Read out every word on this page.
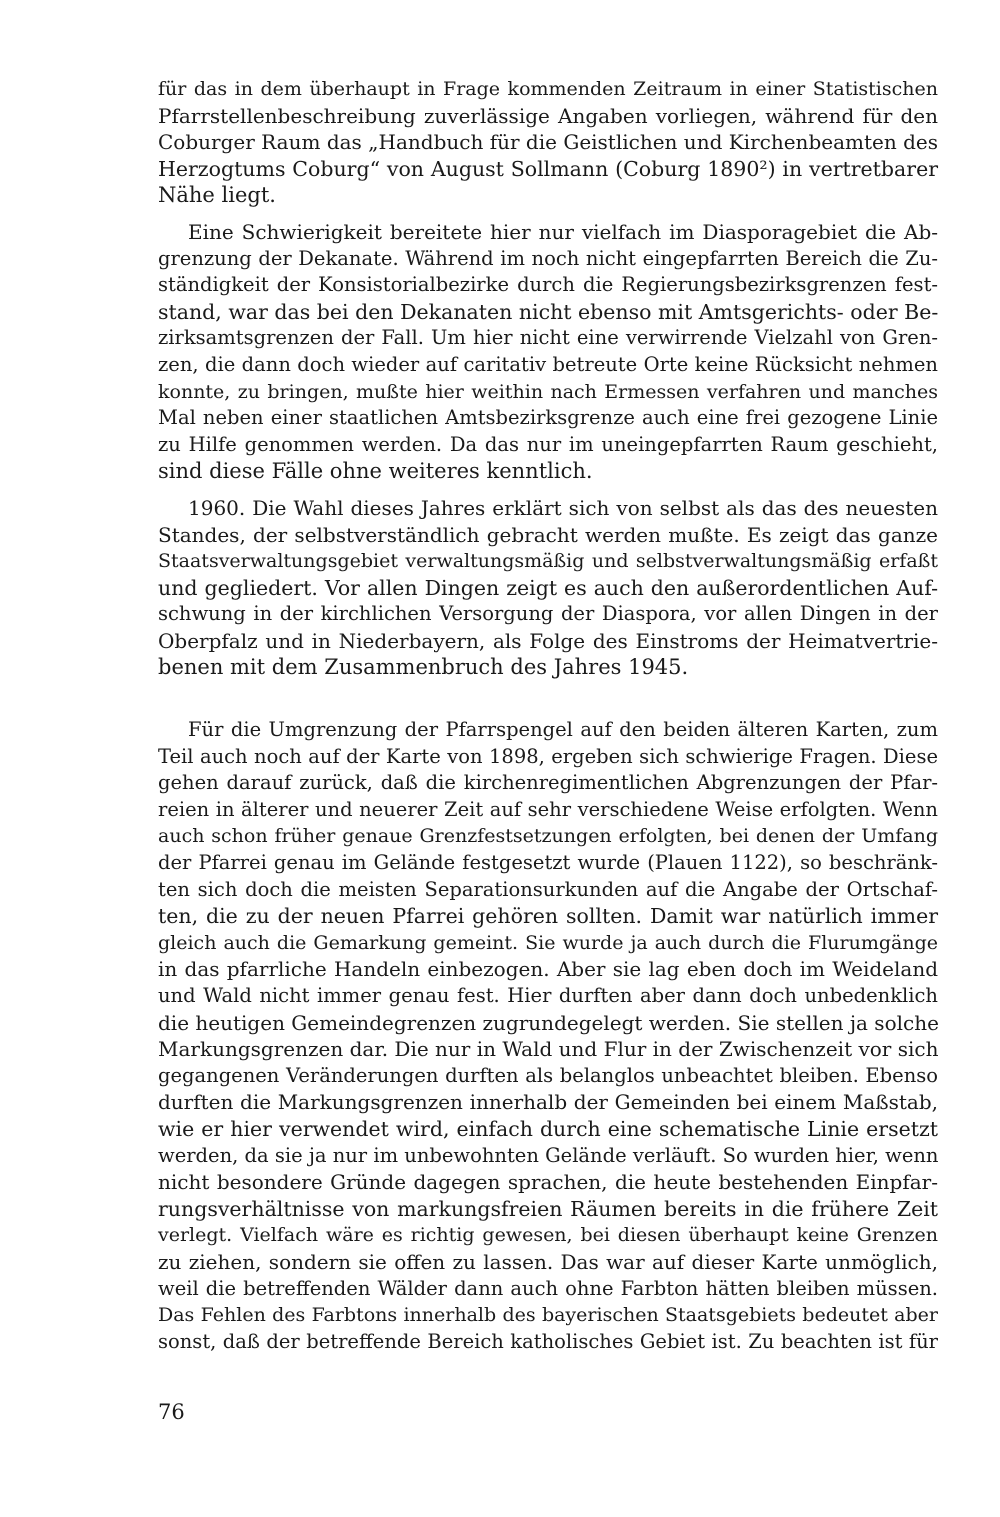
für das in dem überhaupt in Frage kommenden Zeitraum in einer Statistischen
Pfarrstellenbeschreibung zuverlässige Angaben vorliegen, während für den
Coburger Raum das „Handbuch für die Geistlichen und Kirchenbeamten des
Herzogtums Coburg“ von August Sollmann (Coburg 1890²) in vertretbarer
Nähe liegt.
Eine Schwierigkeit bereitete hier nur vielfach im Diasporagebiet die Ab-
grenzung der Dekanate. Während im noch nicht eingepfarrten Bereich die Zu-
ständigkeit der Konsistorialbezirke durch die Regierungsbezirksgrenzen fest-
stand, war das bei den Dekanaten nicht ebenso mit Amtsgerichts- oder Be-
zirksamtsgrenzen der Fall. Um hier nicht eine verwirrende Vielzahl von Gren-
zen, die dann doch wieder auf caritativ betreute Orte keine Rücksicht nehmen
konnte, zu bringen, mußte hier weithin nach Ermessen verfahren und manches
Mal neben einer staatlichen Amtsbezirksgrenze auch eine frei gezogene Linie
zu Hilfe genommen werden. Da das nur im uneingepfarrten Raum geschieht,
sind diese Fälle ohne weiteres kenntlich.
1960. Die Wahl dieses Jahres erklärt sich von selbst als das des neuesten
Standes, der selbstverständlich gebracht werden mußte. Es zeigt das ganze
Staatsverwaltungsgebiet verwaltungsmäßig und selbstverwaltungsmäßig erfaßt
und gegliedert. Vor allen Dingen zeigt es auch den außerordentlichen Auf-
schwung in der kirchlichen Versorgung der Diaspora, vor allen Dingen in der
Oberpfalz und in Niederbayern, als Folge des Einstroms der Heimatvertrie-
benen mit dem Zusammenbruch des Jahres 1945.
Für die Umgrenzung der Pfarrspengel auf den beiden älteren Karten, zum
Teil auch noch auf der Karte von 1898, ergeben sich schwierige Fragen. Diese
gehen darauf zurück, daß die kirchenregimentlichen Abgrenzungen der Pfar-
reien in älterer und neuerer Zeit auf sehr verschiedene Weise erfolgten. Wenn
auch schon früher genaue Grenzfestsetzungen erfolgten, bei denen der Umfang
der Pfarrei genau im Gelände festgesetzt wurde (Plauen 1122), so beschränk-
ten sich doch die meisten Separationsurkunden auf die Angabe der Ortschaf-
ten, die zu der neuen Pfarrei gehören sollten. Damit war natürlich immer
gleich auch die Gemarkung gemeint. Sie wurde ja auch durch die Flurumgänge
in das pfarrliche Handeln einbezogen. Aber sie lag eben doch im Weideland
und Wald nicht immer genau fest. Hier durften aber dann doch unbedenklich
die heutigen Gemeindegrenzen zugrundegelegt werden. Sie stellen ja solche
Markungsgrenzen dar. Die nur in Wald und Flur in der Zwischenzeit vor sich
gegangenen Veränderungen durften als belanglos unbeachtet bleiben. Ebenso
durften die Markungsgrenzen innerhalb der Gemeinden bei einem Maßstab,
wie er hier verwendet wird, einfach durch eine schematische Linie ersetzt
werden, da sie ja nur im unbewohnten Gelände verläuft. So wurden hier, wenn
nicht besondere Gründe dagegen sprachen, die heute bestehenden Einpfar-
rungsverhältnisse von markungsfreien Räumen bereits in die frühere Zeit
verlegt. Vielfach wäre es richtig gewesen, bei diesen überhaupt keine Grenzen
zu ziehen, sondern sie offen zu lassen. Das war auf dieser Karte unmöglich,
weil die betreffenden Wälder dann auch ohne Farbton hätten bleiben müssen.
Das Fehlen des Farbtons innerhalb des bayerischen Staatsgebiets bedeutet aber
sonst, daß der betreffende Bereich katholisches Gebiet ist. Zu beachten ist für
76
